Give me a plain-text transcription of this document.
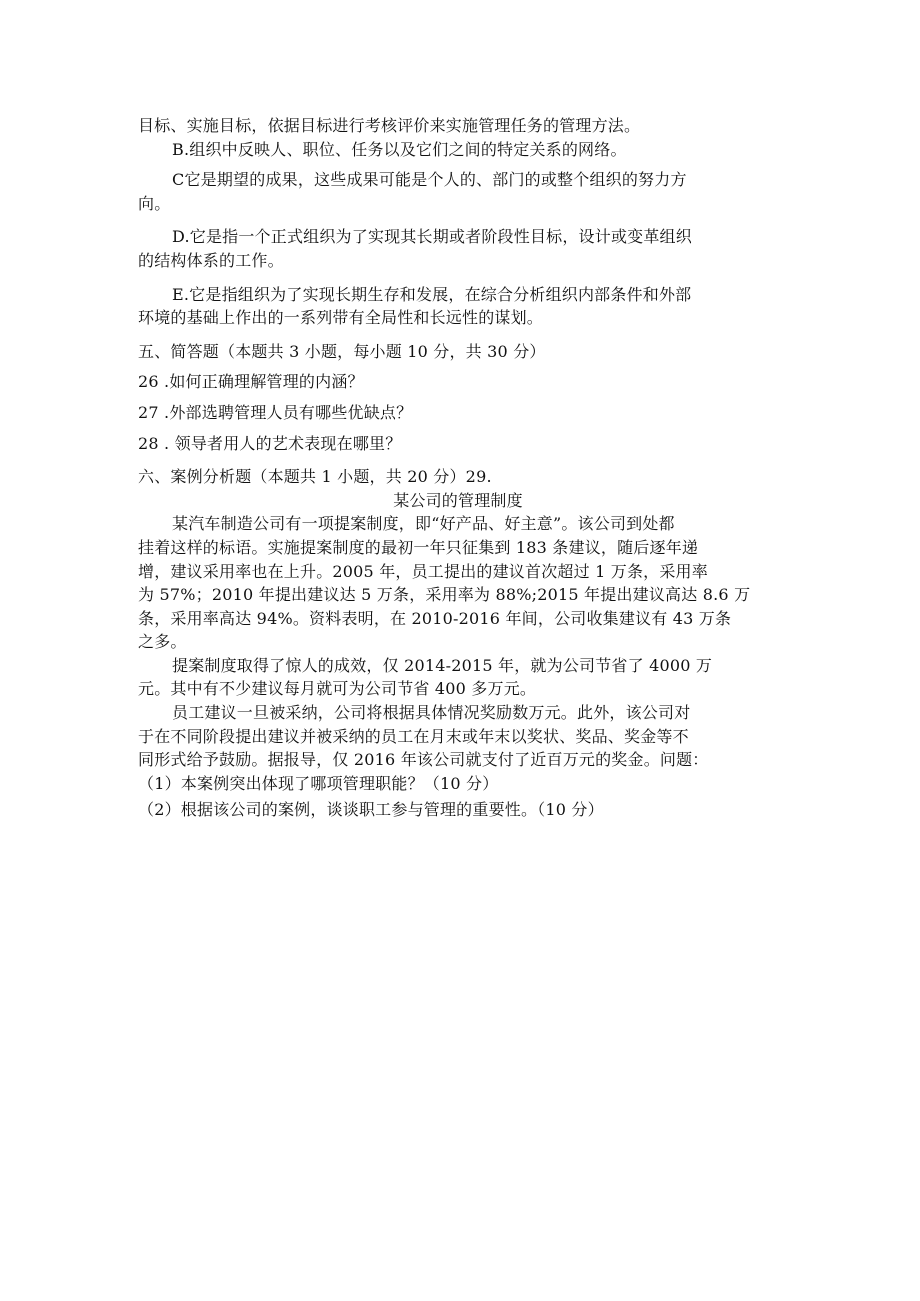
目标、实施目标，依据目标进行考核评价来实施管理任务的管理方法。
B.组织中反映人、职位、任务以及它们之间的特定关系的网络。
C它是期望的成果，这些成果可能是个人的、部门的或整个组织的努力方
向。
D.它是指一个正式组织为了实现其长期或者阶段性目标，设计或变革组织
的结构体系的工作。
E.它是指组织为了实现长期生存和发展，在综合分析组织内部条件和外部
环境的基础上作出的一系列带有全局性和长远性的谋划。
五、简答题（本题共 3 小题，每小题 10 分，共 30 分）
26 .如何正确理解管理的内涵？
27 .外部选聘管理人员有哪些优缺点？
28 . 领导者用人的艺术表现在哪里？
六、案例分析题（本题共 1 小题，共 20 分）29.
某公司的管理制度
某汽车制造公司有一项提案制度，即“好产品、好主意”。该公司到处都
挂着这样的标语。实施提案制度的最初一年只征集到 183 条建议，随后逐年递
增，建议采用率也在上升。2005 年，员工提出的建议首次超过 1 万条，采用率
为 57%；2010 年提出建议达 5 万条，采用率为 88%;2015 年提出建议高达 8.6 万
条，采用率高达 94%。资料表明，在 2010-2016 年间，公司收集建议有 43 万条
之多。
提案制度取得了惊人的成效，仅 2014-2015 年，就为公司节省了 4000 万
元。其中有不少建议每月就可为公司节省 400 多万元。
员工建议一旦被采纳，公司将根据具体情况奖励数万元。此外，该公司对
于在不同阶段提出建议并被采纳的员工在月末或年末以奖状、奖品、奖金等不
同形式给予鼓励。据报导，仅 2016 年该公司就支付了近百万元的奖金。问题：
（1）本案例突出体现了哪项管理职能？（10 分）
（2）根据该公司的案例，谈谈职工参与管理的重要性。（10 分）
